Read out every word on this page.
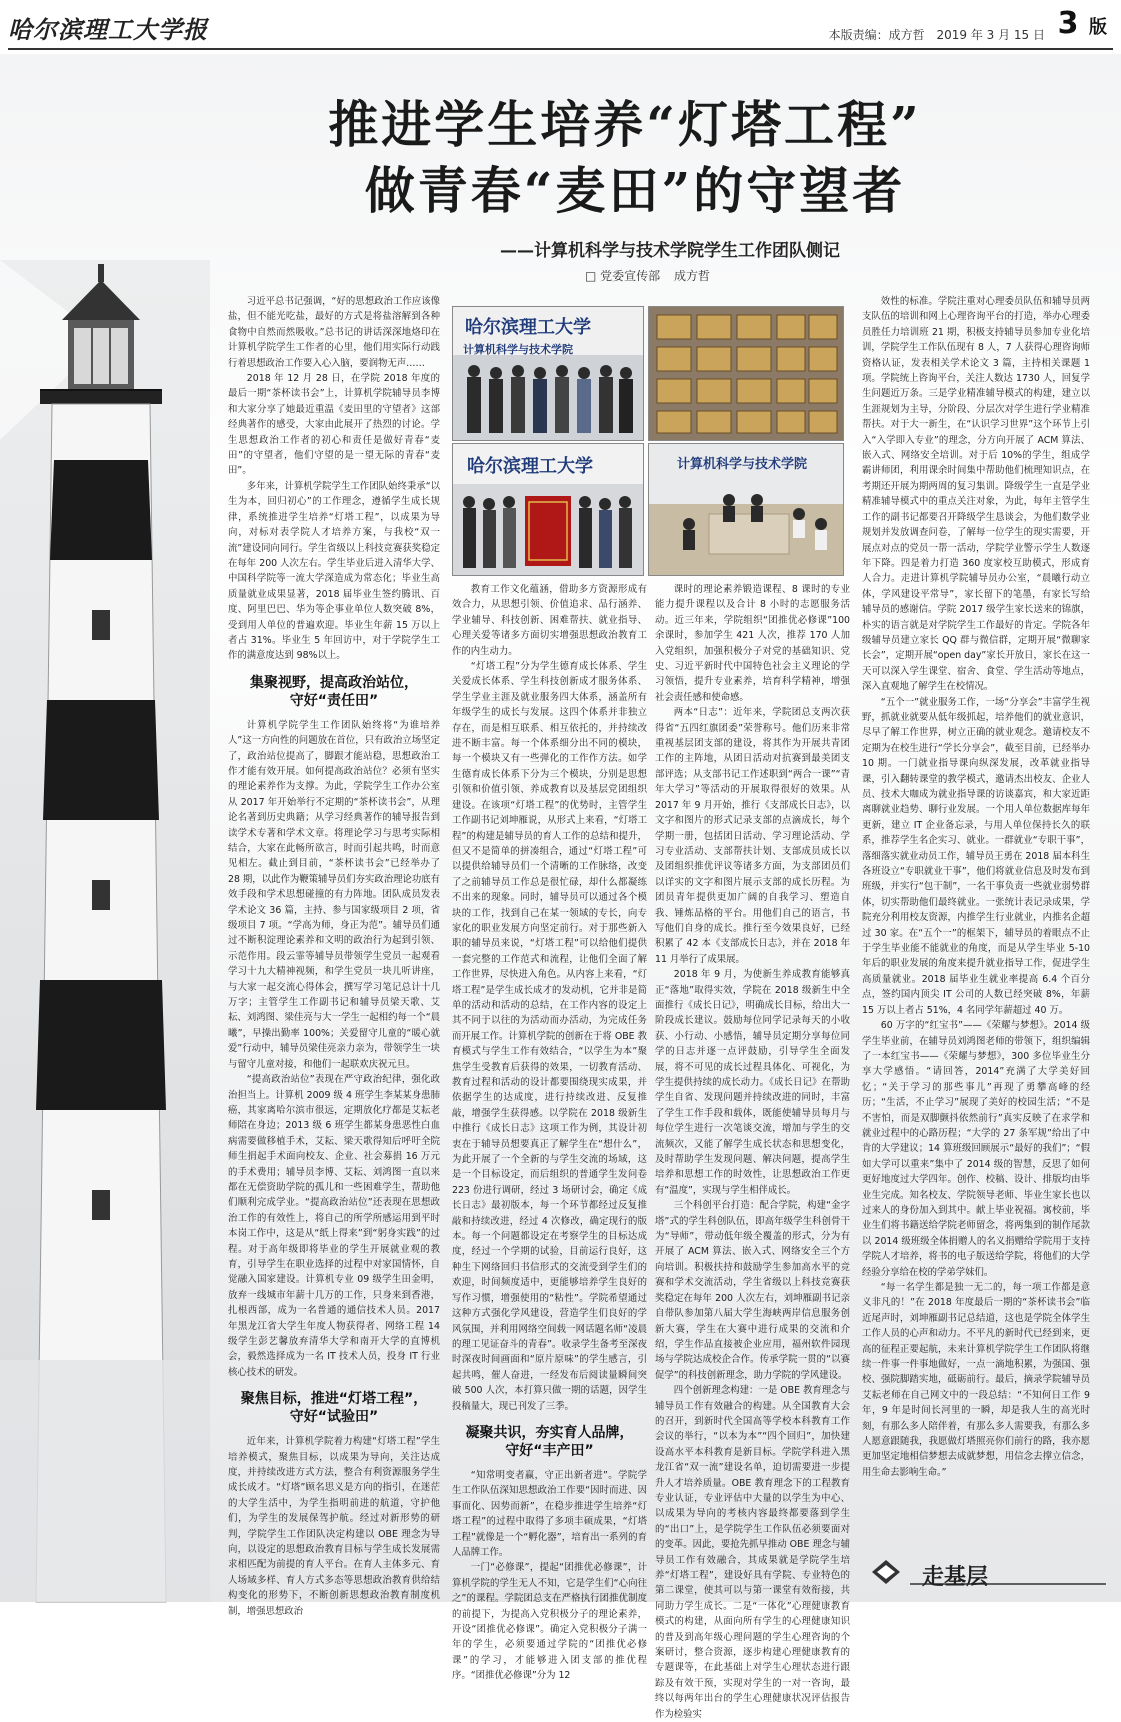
哈尔滨理工大学报	本版责编：成方哲 2019 年 3 月 15 日 3 版
推进学生培养“灯塔工程”
做青春“麦田”的守望者
——计算机科学与技术学院学生工作团队侧记
□ 党委宣传部 成方哲
哈尔滨理工大学
计算机科学与技术学院
哈尔滨理工大学	计算机科学与技术学院

习近平总书记强调，“好的思想政治工作应该像盐，但不能光吃盐，最好的方式是将盐溶解到各种食物中自然而然吸收。”总书记的讲话深深地烙印在计算机学院学生工作者的心里，他们用实际行动践行着思想政治工作要入心入脑，要润物无声……

2018 年 12 月 28 日，在学院 2018 年度的最后一期“茶杯读书会”上，计算机学院辅导员李博和大家分享了她最近重温《麦田里的守望者》这部经典著作的感受，大家由此展开了热烈的讨论。学生思想政治工作者的初心和责任是做好青春“麦田”的守望者，他们守望的是一望无际的青春“麦田”。

多年来，计算机学院学生工作团队始终秉承“以生为本，回归初心”的工作理念，遵循学生成长规律，系统推进学生培养“灯塔工程”，以成果为导向，对标对表学院人才培养方案，与我校“双一流”建设同向同行。学生省级以上科技竞赛获奖稳定在每年 200 人次左右。学生毕业后进入清华大学、中国科学院等一流大学深造成为常态化；毕业生高质量就业成果显著，2018 届毕业生签约腾讯、百度、阿里巴巴、华为等企事业单位人数突破 8%，受到用人单位的普遍欢迎。毕业生年薪 15 万以上者占 31%。毕业生 5 年回访中，对于学院学生工作的满意度达到 98%以上。

集聚视野，提高政治站位，
守好“责任田”

计算机学院学生工作团队始终将“为谁培养人”这一方向性的问题放在首位，只有政治立场坚定了，政治站位提高了，脚跟才能站稳，思想政治工作才能有效开展。如何提高政治站位？必须有坚实的理论素养作为支撑。为此，学院学生工作办公室从 2017 年开始举行不定期的“茶杯读书会”，从理论名著到历史典籍；从学习经典著作的辅导报告到读学术专著和学术文章。将理论学习与思考实际相结合，大家在此畅所欲言，时而引起共鸣，时而意见相左。截止到目前，“茶杯读书会”已经举办了 28 期，以此作为鞭策辅导员们夯实政治理论功底有效手段和学术思想碰撞的有力阵地。团队成员发表学术论文 36 篇，主持、参与国家级项目 2 项，省级项目 7 项。“学高为师，身正为范”。辅导员们通过不断积淀理论素养和文明的政治行为起到引领、示范作用。段云霏等辅导员带领学生党员一起观看学习十九大精神视频，和学生党员一块儿听讲座，与大家一起交流心得体会，撰写学习笔记总计十几万字；主管学生工作副书记和辅导员梁天歌、艾耘、刘鸿图、梁佳亮与大一学生一起相约每一个“晨曦”，早操出勤率 100%；关爱留守儿童的“暖心就爱”行动中，辅导员梁佳亮亲力亲为，带领学生一块与留守儿童对接，和他们一起联欢庆祝元旦。

“提高政治站位”表现在严守政治纪律，强化政治担当上。计算机 2009 级 4 班学生李某某身患肺癌，其家离哈尔滨市很远，定期放化疗都是艾耘老师陪在身边；2013 级 6 班学生都某身患恶性白血病需要做移植手术，艾耘、梁天歌得知后呼吁全院师生捐起手术面向校友、企业、社会募捐 16 万元的手术费用；辅导员李博、艾耘、刘鸿图一直以来都在无偿资助学院的孤儿和一些困难学生，帮助他们顺利完成学业。“提高政治站位”还表现在思想政治工作的有效性上，将自己的所学所感运用到平时本岗工作中，这是从“纸上得来”到“躬身实践”的过程。对于高年级即将毕业的学生开展就业观的教育，引导学生在职业选择的过程中对家国情怀，自觉融入国家建设。计算机专业 09 级学生田金明，放弃一线城市年薪十几万的工作，只身来到香港，扎根西部，成为一名普通的通信技术人员。2017 年黑龙江省大学生年度人物获得者、网络工程 14 级学生彭艺馨放弃清华大学和南开大学的直博机会，毅然选择成为一名 IT 技术人员，投身 IT 行业核心技术的研发。

聚焦目标，推进“灯塔工程”，
守好“试验田”

近年来，计算机学院着力构建“灯塔工程”学生培养模式，聚焦目标，以成果为导向，关注达成度，并持续改进方式方法，整合有利资源服务学生成长成才。“灯塔”顾名思义是方向的指引，在迷茫的大学生活中，为学生指明前进的航道，守护他们，为学生的发展保驾护航。经过对新形势的研判，学院学生工作团队决定构建以 OBE 理念为导向，以设定的思想政治教育目标与学生成长发展需求相匹配为前提的育人平台。在育人主体多元、育人场域多样、育人方式多态等思想政治教育供给结构变化的形势下，不断创新思想政治教育制度机制，增强思想政治

教育工作文化蕴涵，借助多方资源形成有效合力，从思想引领、价值追求、品行涵养、学业辅导、科技创新、困难帮扶、就业指导、心理关爱等诸多方面切实增强思想政治教育工作的内生动力。

“灯塔工程”分为学生德育成长体系、学生关爱成长体系、学生科技创新成才服务体系、学生学业主涯及就业服务四大体系，涵盖所有年级学生的成长与发展。这四个体系并非独立存在，而是相互联系、相互依托的，并持续改进不断丰富。每一个体系细分出不同的模块，每一个模块又有一些弹化的工作作方法。如学生德育成长体系下分为三个模块，分别是思想引领和价值引领、养成教育以及基层党团组织建设。在该项“灯塔工程”的优势时，主管学生工作副书记刘坤雁说，从形式上来看，“灯塔工程”的构建是辅导员的育人工作的总结和提升，但又不是简单的拼凑组合，通过“灯塔工程”可以提供给辅导员们一个清晰的工作脉络，改变了之前辅导员工作总是很忙碌，却什么都凝练不出来的现象。同时，辅导员可以通过各个模块的工作，找到自己在某一领域的专长，向专家化的职业发展方向坚定前行。对于那些新入职的辅导员来说，“灯塔工程”可以给他们提供一套完整的工作范式和流程，让他们全面了解工作世界，尽快进入角色。从内容上来看，“灯塔工程”是学生成长成才的发动机，它并非是简单的活动和活动的总结，在工作内容的设定上其不同于以往的为活动而办活动，为完成任务而开展工作。计算机学院的创新在于将 OBE 教育模式与学生工作有效结合，“以学生为本”聚焦学生受教育后获得的效果，一切教育活动、教育过程和活动的设计都要围绕现实成果，并依据学生的达成度，进行持续改进、反复推敲，增强学生获得感。以学院在 2018 级新生中推行《成长日志》这项工作为例，其设计初衷在于辅导员想要真正了解学生在“想什么”，为此开展了一个全新的与学生交流的场域，这是一个目标设定，而后组织的普通学生发问卷 223 份进行调研，经过 3 场研讨会，确定《成长日志》最初版本，每一个环节都经过反复推敲和持续改进，经过 4 次修改，确定现行的版本。每一个问题都设定在考察学生的目标达成度，经过一个学期的试验，目前运行良好，这种生下网络回归书信形式的交流受到学生们的欢迎，时间频度适中，更能够培养学生良好的写作习惯，增强使用的“粘性”。学院希望通过这种方式强化学风建设，营造学生们良好的学风氛围，并利用网络空间载一网话题名师“凌晨的理工见证奋斗的青春”。收录学生备考至深夜时深夜时间画面和“原片原味”的学生感言，引起共鸣，催人奋进，一经发布后阅读量瞬间突破 500 人次，本打算只做一期的话题，因学生投稿量大，现已刊发了三季。

凝聚共识，夯实育人品牌，
守好“丰产田”

“知常明变者赢，守正出新者进”。学院学生工作队伍深知思想政治工作要“因时而进、因事而化、因势而新”，在稳步推进学生培养“灯塔工程”的过程中取得了多项丰硕成果，“灯塔工程”就像是一个“孵化器”，培育出一系列的育人品牌工作。

一门“必修课”，提起“团推优必修课”，计算机学院的学生无人不知，它是学生们“心向往之”的课程。学院团总支在严格执行团推优制度的前提下，为提高入党积极分子的理论素养，开设“团推优必修课”。确定入党积极分子满一年的学生，必须要通过学院的“团推优必修课”的学习，才能够进入团支部的推优程序。“团推优必修课”分为 12

课时的理论素养锻造课程、8 课时的专业能力提升课程以及合计 8 小时的志愿服务活动。近三年来，学院组织“团推优必修课”100 余课时，参加学生 421 人次，推荐 170 人加入党组织，加强积极分子对党的基础知识、党史、习近平新时代中国特色社会主义理论的学习领悟，提升专业素养，培育科学精神，增强社会责任感和使命感。

两本“日志”：近年来，学院团总支两次获得省“五四红旗团委”荣誉称号。他们历来非常重视基层团支部的建设，将其作为开展共青团工作的主阵地，从团日活动对抗赛到最美团支部评选；从支部书记工作述职到“两合一课”“青年大学习”等活动的开展取得很好的效果。从 2017 年 9 月开始，推行《支部成长日志》，以文字和图片的形式记录支部的点滴成长，每个学期一册，包括团日活动、学习理论活动、学习专业活动、支部帮扶计划、支部成员成长以及团组织推优评议等诸多方面，为支部团员们以详实的文字和图片展示支部的成长历程。为团员青年提供更加广阔的自我学习、塑造自我、锤炼品格的平台。用他们自己的语言，书写他们自身的成长。推行至今效果良好，已经积累了 42 本《支部成长日志》，并在 2018 年 11 月举行了成果展。

2018 年 9 月，为使新生养成教育能够真正“落地”取得实效，学院在 2018 级新生中全面推行《成长日记》，明确成长目标，给出大一阶段成长建议。鼓励每位同学记录每天的小收获、小行动、小感悟，辅导员定期分享每位同学的日志并逐一点评鼓励，引导学生全面发展，将不可见的成长过程具体化、可视化，为学生提供持续的成长动力。《成长日记》在帮助学生自省、发现问题并持续改进的同时，丰富了学生工作手段和载体，既能使辅导员每月与每位学生进行一次笔谈交流，增加与学生的交流频次，又能了解学生成长状态和思想变化，及时帮助学生发现问题、解决问题，提高学生培养和思想工作的时效性，让思想政治工作更有“温度”，实现与学生相伴成长。

三个科创平台打造：配合学院，构建“金字塔”式的学生科创队伍，即高年级学生科创骨干为“导师”，带动低年级全覆盖的形式，分为有开展了 ACM 算法、嵌入式、网络安全三个方向培训。积极扶持和鼓励学生参加高水平的竞赛和学术交流活动，学生省级以上科技竞赛获奖稳定在每年 200 人次左右，刘坤雁副书记亲自带队参加第八届大学生海峡两岸信息服务创新大赛，学生在大赛中进行成果的交流和介绍，学生作品直接被企业应用，福州软件园现场与学院达成校企合作。传承学院一贯的“以赛促学”的科技创新理念，助力学院的学风建设。

四个创新理念构建：一是 OBE 教育理念与辅导员工作有效融合的构建。从全国教育大会的召开，到新时代全国高等学校本科教育工作会议的举行，“以本为本”“四个回归”，加快建设高水平本科教育是新目标。学院学科进入黑龙江省“双一流”建设名单，迫切需要进一步提升人才培养质量。OBE 教育理念下的工程教育专业认证，专业评估中大量的以学生为中心、以成果为导向的考核内容最终都要落到学生的“出口”上，是学院学生工作队伍必须要面对的变革。因此，要抢先抓早推动 OBE 理念与辅导员工作有效融合，其成果就是学院学生培养“灯塔工程”，建设好具有学院、专业特色的第二课堂，使其可以与第一课堂有效衔接，共同助力学生成长。二是“一体化”心理健康教育模式的构建，从面向所有学生的心理健康知识的普及到高年级心理问题的学生心理咨询的个案研讨，整合资源，逐步构建心理健康教育的专题课等，在此基础上对学生心理状态进行跟踪及有效干预，实现对学生的一对一咨询，最终以每两年出台的学生心理健康状况评估报告作为检验实

效性的标准。学院注重对心理委员队伍和辅导员两支队伍的培训和网上心理咨询平台的打造，举办心理委员胜任力培训班 21 期，积极支持辅导员参加专业化培训，学院学生工作队伍现有 8 人，7 人获得心理咨询师资格认证，发表相关学术论文 3 篇，主持相关课题 1 项。学院统上咨询平台，关注人数达 1730 人，回复学生问题近万条。三是学业精准辅导模式的构建，建立以生涯规划为主导，分阶段、分层次对学生进行学业精准帮扶。对于大一新生，在“认识学习世界”这个环节上引入“入学即入专业”的理念，分方向开展了 ACM 算法、嵌入式、网络安全培训。对于后 10%的学生，组成学霸讲师团，利用课余时间集中帮助他们梳理知识点，在考期还开展为期两周的复习集训。降级学生一直是学业精准辅导模式中的重点关注对象，为此，每年主管学生工作的副书记都要召开降级学生恳谈会，为他们数学业规划并发放调查问卷，了解每一位学生的现实需要，开展点对点的党员一帮一活动，学院学业警示学生人数逐年下降。四是着力打造 360 度家校互助模式，形成育人合力。走进计算机学院辅导员办公室，“晨曦行动立体，学风建设平常导”，家长留下的笔墨，有家长写给辅导员的感谢信。学院 2017 级学生家长送来的锦旗，朴实的语言就是对学院学生工作最好的肯定。学院各年级辅导员建立家长 QQ 群与微信群，定期开展“微聊家长会”，定期开展“open day”家长开放日，家长在这一天可以深入学生课堂、宿舍、食堂、学生活动等地点，深入直观地了解学生在校情况。

“五个一”就业服务工作，一场“分享会”丰富学生视野，抓就业就要从低年级抓起，培养他们的就业意识，尽早了解工作世界，树立正确的就业观念。邀请校友不定期为在校生进行“学长分享会”，截至目前，已经举办 10 期。一门就业指导课向纵深发展，改革就业指导课，引入翻转课堂的教学模式，邀请杰出校友、企业人员、技术大咖成为就业指导课的访谈嘉宾，和大家近距离聊就业趋势、聊行业发展。一个用人单位数据库每年更新，建立 IT 企业备忘录，与用人单位保持长久的联系，推荐学生名企实习、就业。一群就业“专职干事”，落细落实就业动员工作，辅导员王勇在 2018 届本科生各班设立“专职就业干事”，他们将就业信息及时发布到班级，并实行“包干制”，一名干事负责一些就业弱势群体，切实帮助他们最终就业。一张统计表记录成果，学院充分利用校友资源，内推学生行业就业，内推名企超过 30 家。在“五个一”的框架下，辅导员的着眼点不止于学生毕业能不能就业的角度，而是从学生毕业 5-10 年后的职业发展的角度来提升就业指导工作，促进学生高质量就业。2018 届毕业生就业率提高 6.4 个百分点，签约国内顶尖 IT 公司的人数已经突破 8%，年薪 15 万以上者占 51%，4 名同学年薪超过 40 万。

60 万字的“红宝书”——《荣耀与梦想》。2014 级学生毕业前，在辅导员刘鸿图老师的带领下，组织编辑了一本红宝书——《荣耀与梦想》，300 多位毕业生分享大学感悟。“请回答，2014”充满了大学美好回忆；“关于学习的那些事儿”再现了勇攀高峰的经历；“生活，不止学习”展现了美好的校园生活；“不是不害怕，而是双脚颤抖依然前行”真实反映了在求学和就业过程中的心路历程；“大学的 27 条军规”给出了中肯的大学建议；14 算班级回顾展示“最好的我们”；“假如大学可以重来”集中了 2014 级的智慧，反思了如何更好地度过大学四年。创作、校稿、设计、排版均由毕业生完成。知名校友、学院领导老师、毕业生家长也以过来人的身份加入到其中。献上毕业祝福。寓校前，毕业生们将书籍送给学院老师留念，将两集到的制作尾款以 2014 级班级全体捐赠人的名义捐赠给学院用于支持学院人才培养，将书的电子版送给学院，将他们的大学经验分享给在校的学弟学妹们。

“每一名学生都是独一无二的，每一项工作都是意义非凡的！”在 2018 年度最后一期的“茶杯读书会”临近尾声时，刘坤雁副书记总结道，这也是学院全体学生工作人员的心声和动力。不平凡的新时代已经到来，更高的征程正要起航，未来计算机学院学生工作团队将继续一件事一件事地做好，一点一滴地积累，为强国、强校、强院脚踏实地，砥砺前行。最后，摘录学院辅导员艾耘老师在自己网文中的一段总结：“不知何日工作 9 年，9 年是时间长河里的一瞬，却是我人生的高光时刻，有那么多人陪伴着，有那么多人需要我，有那么多人愿意跟随我，我愿做灯塔照亮你们前行的路，我亦愿更加坚定地相信梦想去成就梦想，用信念去撑立信念，用生命去影响生命。”

走基层
